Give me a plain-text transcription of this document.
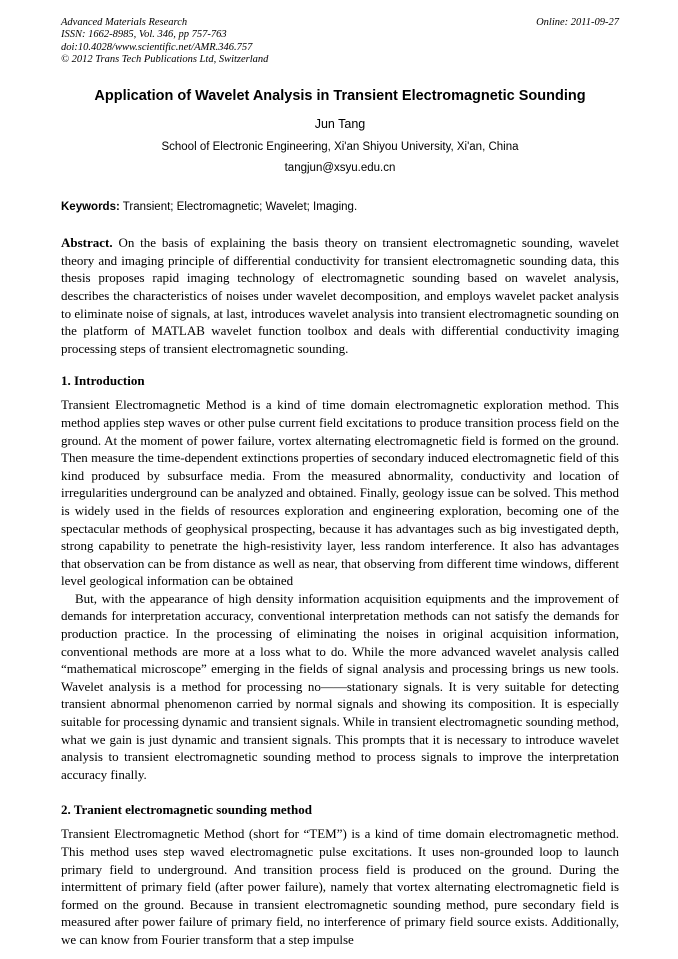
Advanced Materials Research
ISSN: 1662-8985, Vol. 346, pp 757-763
doi:10.4028/www.scientific.net/AMR.346.757
© 2012 Trans Tech Publications Ltd, Switzerland
Online: 2011-09-27
Application of Wavelet Analysis in Transient Electromagnetic Sounding
Jun Tang
School of Electronic Engineering, Xi'an Shiyou University, Xi'an, China
tangjun@xsyu.edu.cn

Keywords: Transient; Electromagnetic; Wavelet; Imaging.

Abstract. On the basis of explaining the basis theory on transient electromagnetic sounding, wavelet theory and imaging principle of differential conductivity for transient electromagnetic sounding data, this thesis proposes rapid imaging technology of electromagnetic sounding based on wavelet analysis, describes the characteristics of noises under wavelet decomposition, and employs wavelet packet analysis to eliminate noise of signals, at last, introduces wavelet analysis into transient electromagnetic sounding on the platform of MATLAB wavelet function toolbox and deals with differential conductivity imaging processing steps of transient electromagnetic sounding.

1. Introduction

Transient Electromagnetic Method is a kind of time domain electromagnetic exploration method. This method applies step waves or other pulse current field excitations to produce transition process field on the ground. At the moment of power failure, vortex alternating electromagnetic field is formed on the ground. Then measure the time-dependent extinctions properties of secondary induced electromagnetic field of this kind produced by subsurface media. From the measured abnormality, conductivity and location of irregularities underground can be analyzed and obtained. Finally, geology issue can be solved. This method is widely used in the fields of resources exploration and engineering exploration, becoming one of the spectacular methods of geophysical prospecting, because it has advantages such as big investigated depth, strong capability to penetrate the high-resistivity layer, less random interference. It also has advantages that observation can be from distance as well as near, that observing from different time windows, different level geological information can be obtained

But, with the appearance of high density information acquisition equipments and the improvement of demands for interpretation accuracy, conventional interpretation methods can not satisfy the demands for production practice. In the processing of eliminating the noises in original acquisition information, conventional methods are more at a loss what to do. While the more advanced wavelet analysis called “mathematical microscope” emerging in the fields of signal analysis and processing brings us new tools. Wavelet analysis is a method for processing no——stationary signals. It is very suitable for detecting transient abnormal phenomenon carried by normal signals and showing its composition. It is especially suitable for processing dynamic and transient signals. While in transient electromagnetic sounding method, what we gain is just dynamic and transient signals. This prompts that it is necessary to introduce wavelet analysis to transient electromagnetic sounding method to process signals to improve the interpretation accuracy finally.

2. Tranient electromagnetic sounding method

Transient Electromagnetic Method (short for “TEM”) is a kind of time domain electromagnetic method. This method uses step waved electromagnetic pulse excitations. It uses non-grounded loop to launch primary field to underground. And transition process field is produced on the ground. During the intermittent of primary field (after power failure), namely that vortex alternating electromagnetic field is formed on the ground. Because in transient electromagnetic sounding method, pure secondary field is measured after power failure of primary field, no interference of primary field source exists. Additionally, we can know from Fourier transform that a step impulse
